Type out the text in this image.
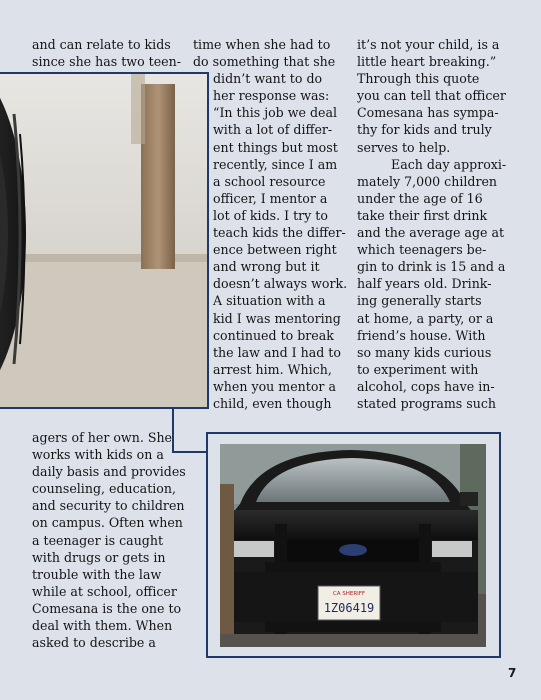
and can relate to kids
since she has two teen-
time when she had to
do something that she
didn’t want to do
her response was:
“In this job we deal
with a lot of differ-
ent things but most
recently, since I am
a school resource
officer, I mentor a
lot of kids. I try to
teach kids the differ-
ence between right
and wrong but it
doesn’t always work.
A situation with a
kid I was mentoring
continued to break
the law and I had to
arrest him. Which,
when you mentor a
child, even though
it’s not your child, is a
little heart breaking.”
Through this quote
you can tell that officer
Comesana has sympa-
thy for kids and truly
serves to help.
Each day approxi-
mately 7,000 children
under the age of 16
take their first drink
and the average age at
which teenagers be-
gin to drink is 15 and a
half years old. Drink-
ing generally starts
at home, a party, or a
friend’s house. With
so many kids curious
to experiment with
alcohol, cops have in-
stated programs such
agers of her own. She
works with kids on a
daily basis and provides
counseling, education,
and security to children
on campus. Often when
a teenager is caught
with drugs or gets in
trouble with the law
while at school, officer
Comesana is the one to
deal with them. When
asked to describe a
CA SHERIFF
1Z06419
7
